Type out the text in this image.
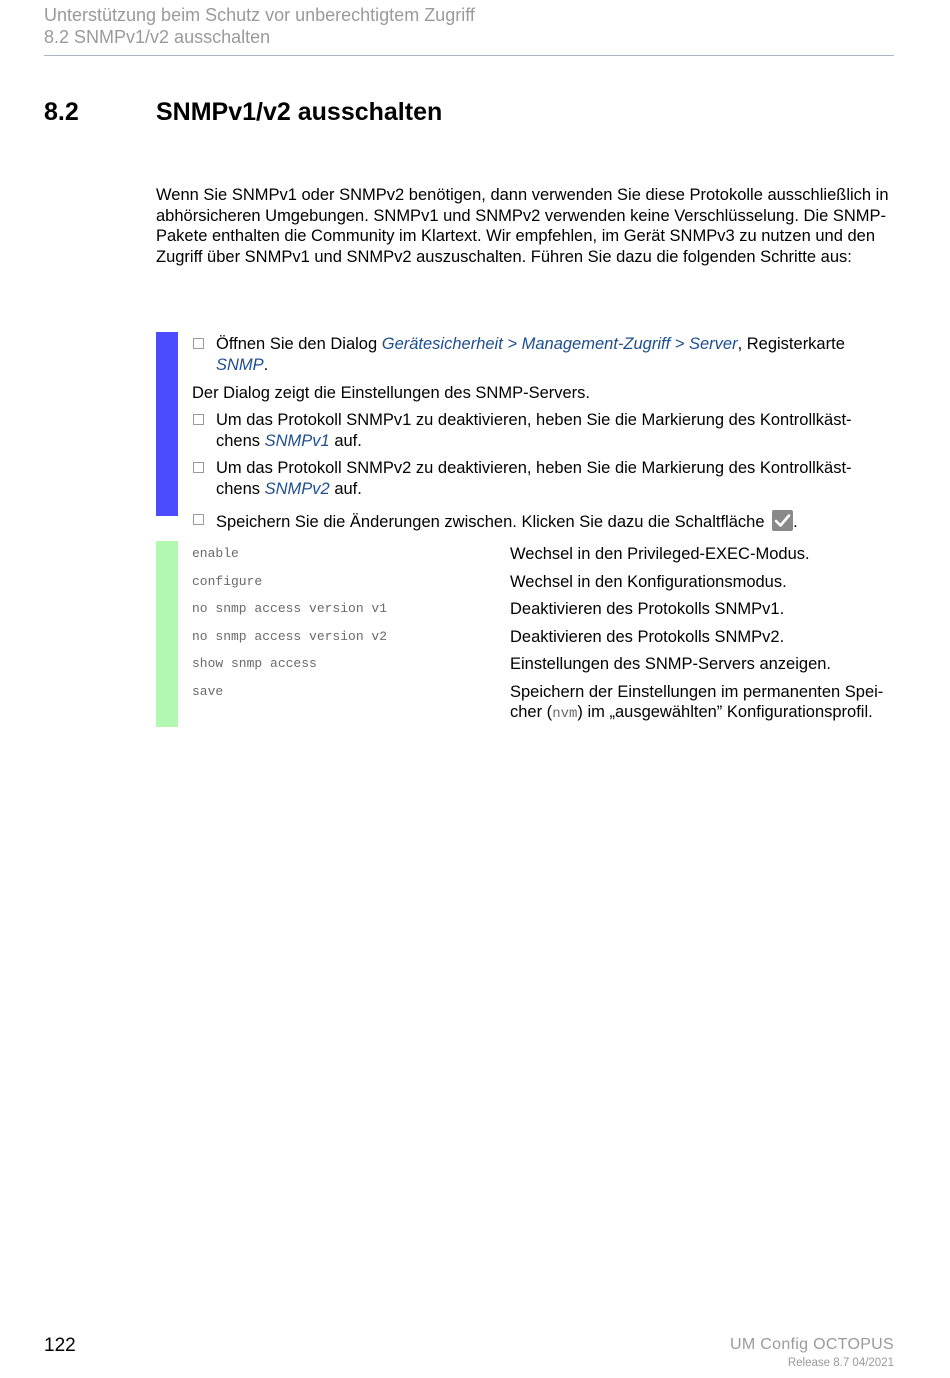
Unterstützung beim Schutz vor unberechtigtem Zugriff
8.2 SNMPv1/v2 ausschalten
8.2	SNMPv1/v2 ausschalten
Wenn Sie SNMPv1 oder SNMPv2 benötigen, dann verwenden Sie diese Protokolle ausschließlich in abhörsicheren Umgebungen. SNMPv1 und SNMPv2 verwenden keine Verschlüsselung. Die SNMP-Pakete enthalten die Community im Klartext. Wir empfehlen, im Gerät SNMPv3 zu nutzen und den Zugriff über SNMPv1 und SNMPv2 auszuschalten. Führen Sie dazu die folgenden Schritte aus:
Öffnen Sie den Dialog Gerätesicherheit > Management-Zugriff > Server, Registerkarte SNMP.
Der Dialog zeigt die Einstellungen des SNMP-Servers.
Um das Protokoll SNMPv1 zu deaktivieren, heben Sie die Markierung des Kontrollkäst-chens SNMPv1 auf.
Um das Protokoll SNMPv2 zu deaktivieren, heben Sie die Markierung des Kontrollkäst-chens SNMPv2 auf.
Speichern Sie die Änderungen zwischen. Klicken Sie dazu die Schaltfläche
.
enable	Wechsel in den Privileged-EXEC-Modus.
configure	Wechsel in den Konfigurationsmodus.
no snmp access version v1	Deaktivieren des Protokolls SNMPv1.
no snmp access version v2	Deaktivieren des Protokolls SNMPv2.
show snmp access	Einstellungen des SNMP-Servers anzeigen.
save	Speichern der Einstellungen im permanenten Spei-cher (nvm) im „ausgewählten” Konfigurationsprofil.
122	UM Config OCTOPUS
Release 8.7 04/2021
